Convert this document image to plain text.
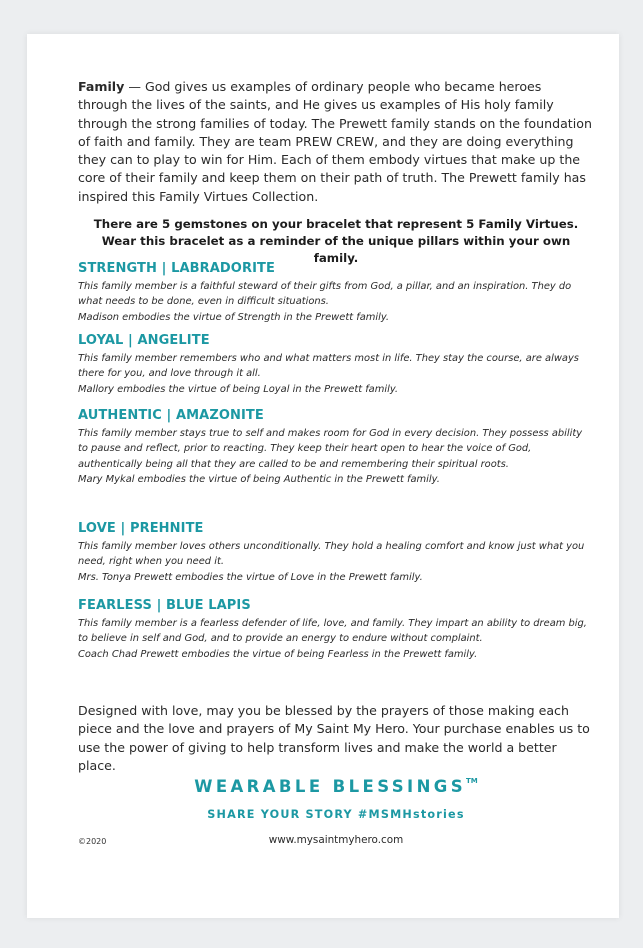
Family — God gives us examples of ordinary people who became heroes through the lives of the saints, and He gives us examples of His holy family through the strong families of today. The Prewett family stands on the foundation of faith and family. They are team PREW CREW, and they are doing everything they can to play to win for Him. Each of them embody virtues that make up the core of their family and keep them on their path of truth. The Prewett family has inspired this Family Virtues Collection.

There are 5 gemstones on your bracelet that represent 5 Family Virtues.
Wear this bracelet as a reminder of the unique pillars within your own family.

STRENGTH | LABRADORITE

This family member is a faithful steward of their gifts from God, a pillar, and an inspiration. They do what needs to be done, even in difficult situations.
Madison embodies the virtue of Strength in the Prewett family.

LOYAL | ANGELITE

This family member remembers who and what matters most in life. They stay the course, are always there for you, and love through it all.
Mallory embodies the virtue of being Loyal in the Prewett family.

AUTHENTIC | AMAZONITE

This family member stays true to self and makes room for God in every decision. They possess ability to pause and reflect, prior to reacting. They keep their heart open to hear the voice of God, authentically being all that they are called to be and remembering their spiritual roots.
Mary Mykal embodies the virtue of being Authentic in the Prewett family.

LOVE | PREHNITE

This family member loves others unconditionally. They hold a healing comfort and know just what you need, right when you need it.
Mrs. Tonya Prewett embodies the virtue of Love in the Prewett family.

FEARLESS | BLUE LAPIS

This family member is a fearless defender of life, love, and family. They impart an ability to dream big, to believe in self and God, and to provide an energy to endure without complaint.
Coach Chad Prewett embodies the virtue of being Fearless in the Prewett family.

Designed with love, may you be blessed by the prayers of those making each piece and the love and prayers of My Saint My Hero. Your purchase enables us to use the power of giving to help transform lives and make the world a better place.

WEARABLE BLESSINGS™

SHARE YOUR STORY #MSMHstories

©2020	www.mysaintmyhero.com
